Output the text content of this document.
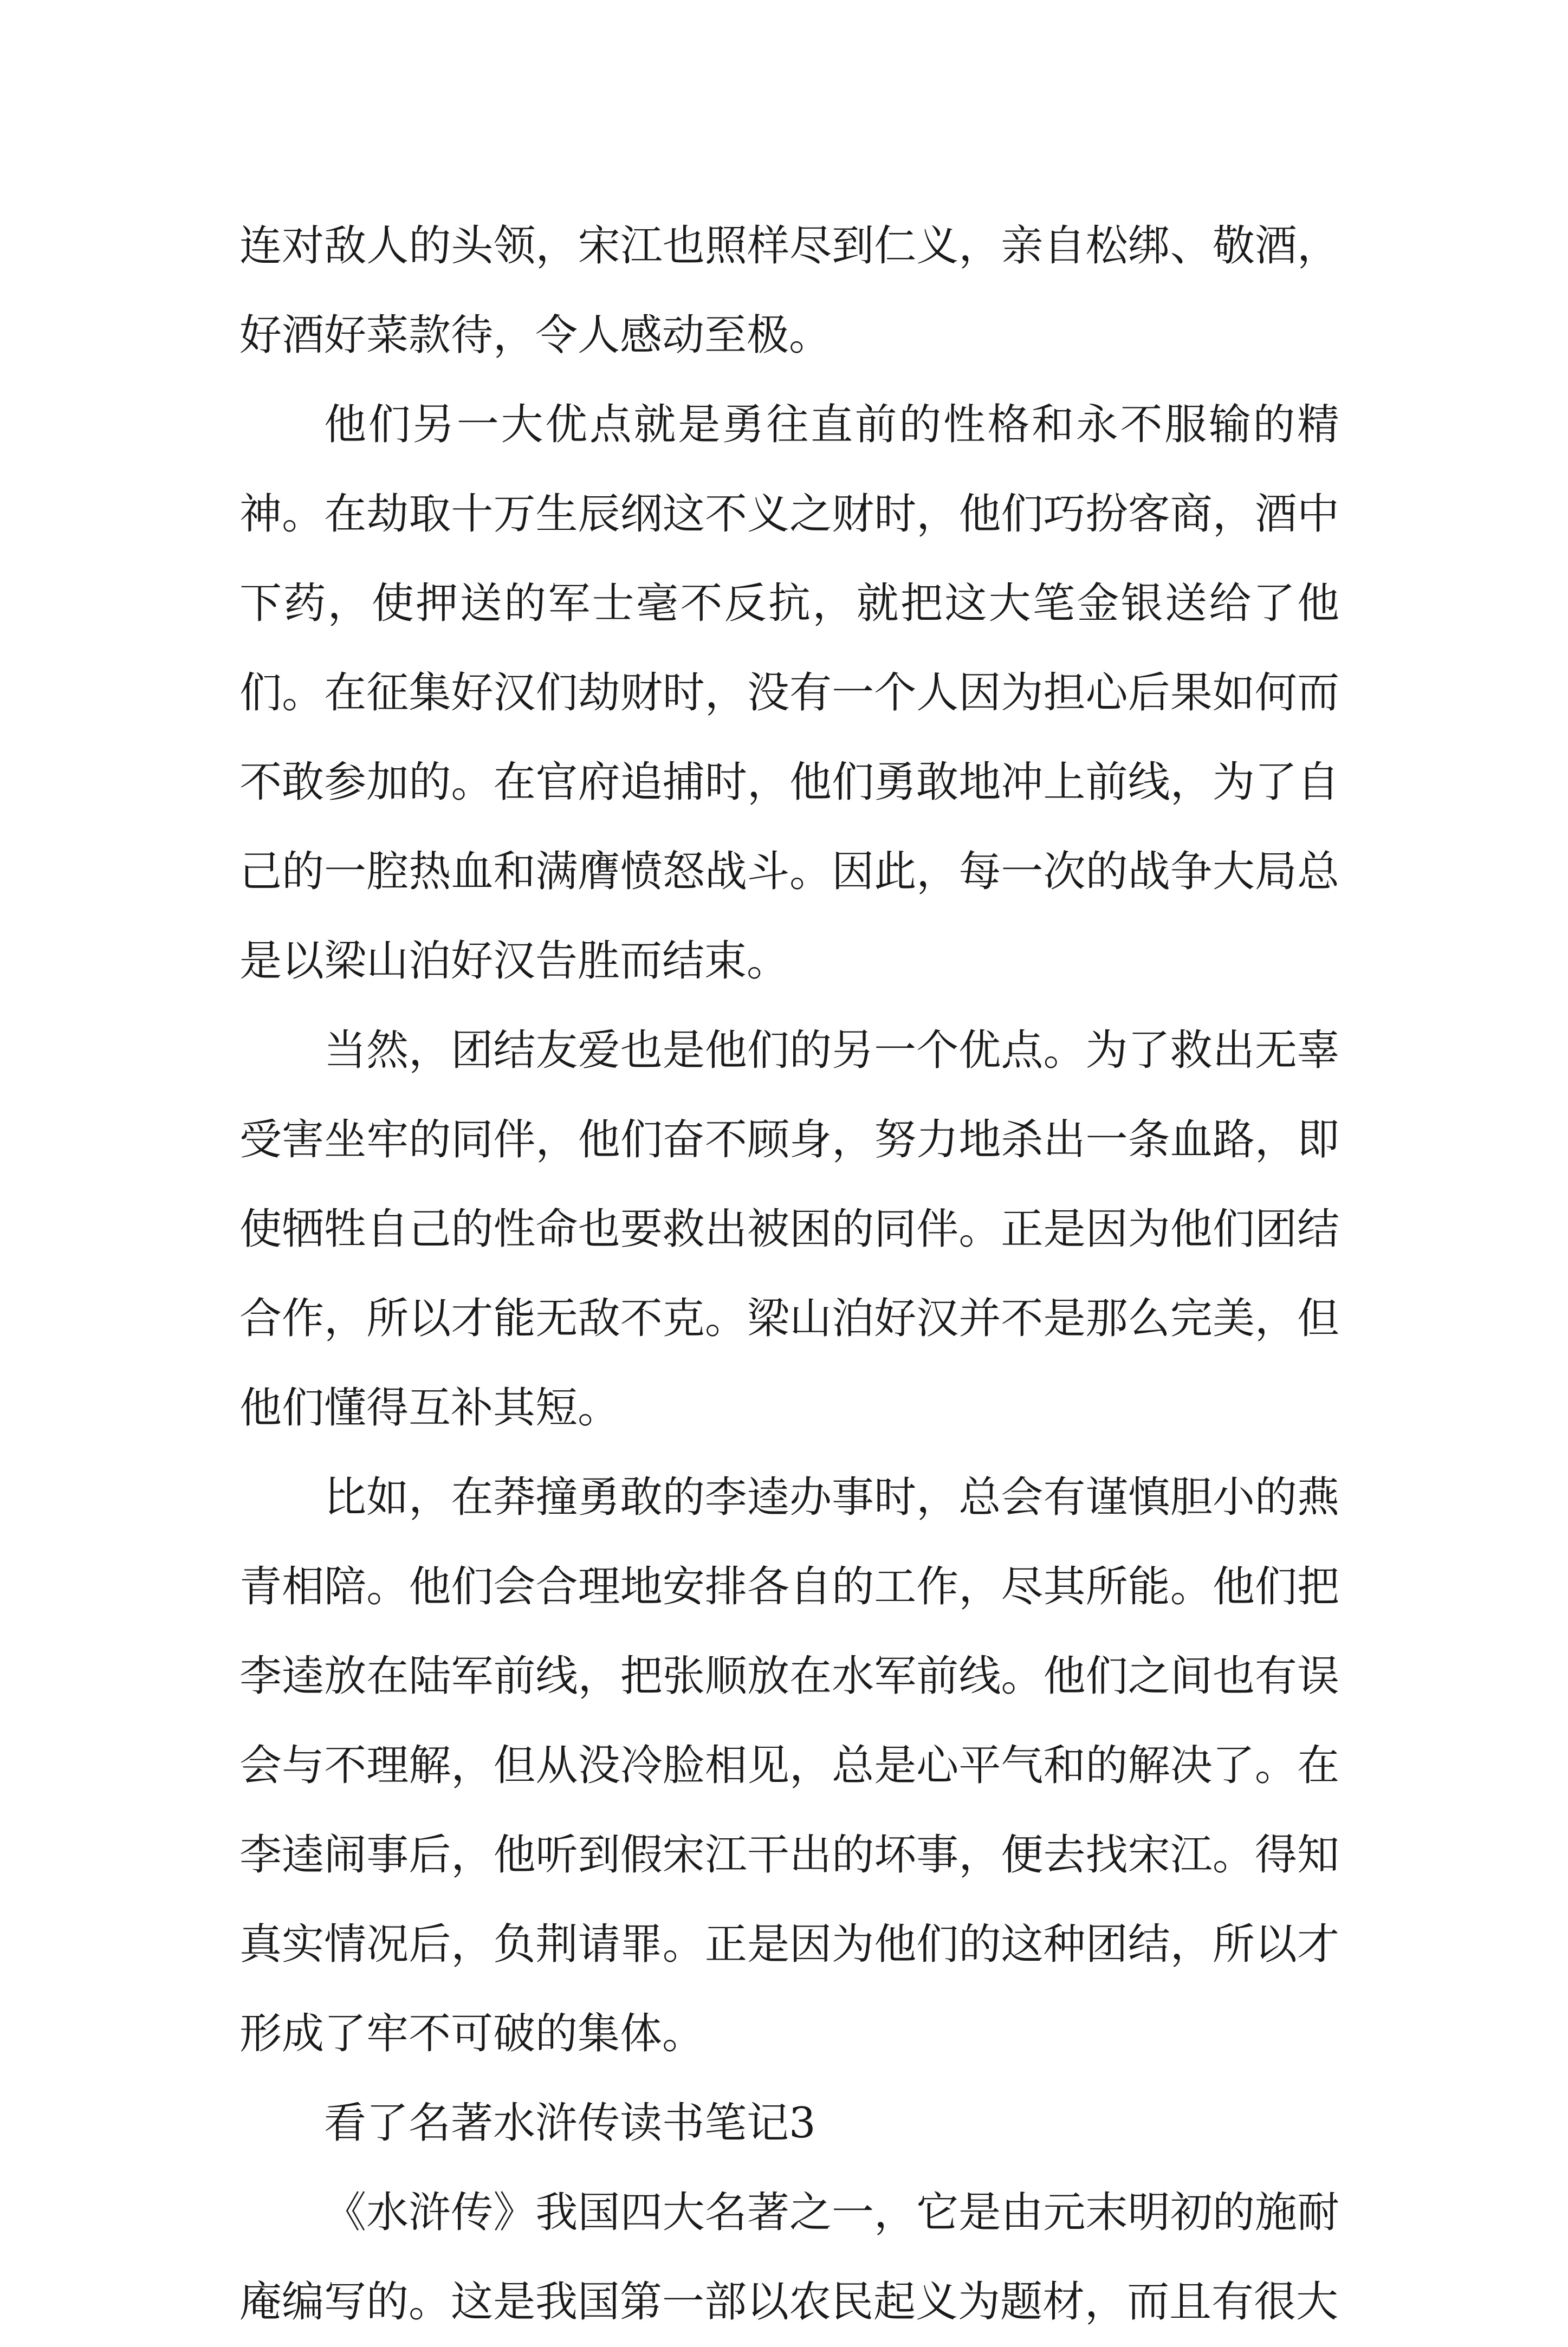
连对敌人的头领，宋江也照样尽到仁义，亲自松绑、敬酒，好酒好菜款待，令人感动至极。

他们另一大优点就是勇往直前的性格和永不服输的精神。在劫取十万生辰纲这不义之财时，他们巧扮客商，酒中下药，使押送的军士毫不反抗，就把这大笔金银送给了他们。在征集好汉们劫财时，没有一个人因为担心后果如何而不敢参加的。在官府追捕时，他们勇敢地冲上前线，为了自己的一腔热血和满膺愤怒战斗。因此，每一次的战争大局总是以梁山泊好汉告胜而结束。

当然，团结友爱也是他们的另一个优点。为了救出无辜受害坐牢的同伴，他们奋不顾身，努力地杀出一条血路，即使牺牲自己的性命也要救出被困的同伴。正是因为他们团结合作，所以才能无敌不克。梁山泊好汉并不是那么完美，但他们懂得互补其短。

比如，在莽撞勇敢的李逵办事时，总会有谨慎胆小的燕青相陪。他们会合理地安排各自的工作，尽其所能。他们把李逵放在陆军前线，把张顺放在水军前线。他们之间也有误会与不理解，但从没冷脸相见，总是心平气和的解决了。在李逵闹事后，他听到假宋江干出的坏事，便去找宋江。得知真实情况后，负荆请罪。正是因为他们的这种团结，所以才形成了牢不可破的集体。

看了名著水浒传读书笔记3

《水浒传》我国四大名著之一，它是由元末明初的施耐庵编写的。这是我国第一部以农民起义为题材，而且有很大
